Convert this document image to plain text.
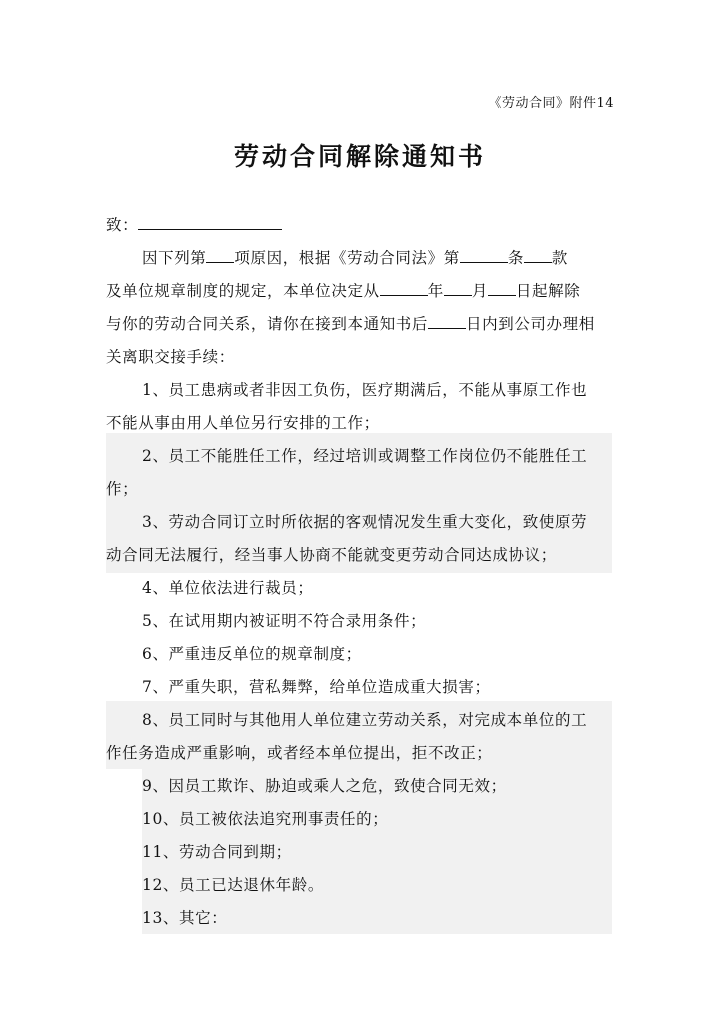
《劳动合同》附件14
劳动合同解除通知书
致：
因下列第 项原因，根据《劳动合同法》第	条 款
及单位规章制度的规定，本单位决定从	年 月 日起解除
与你的劳动合同关系，请你在接到本通知书后 日内到公司办理相
关离职交接手续：
1、员工患病或者非因工负伤，医疗期满后，不能从事原工作也
不能从事由用人单位另行安排的工作；
2、员工不能胜任工作，经过培训或调整工作岗位仍不能胜任工
作；
3、劳动合同订立时所依据的客观情况发生重大变化，致使原劳
动合同无法履行，经当事人协商不能就变更劳动合同达成协议；
4、单位依法进行裁员；
5、在试用期内被证明不符合录用条件；
6、严重违反单位的规章制度；
7、严重失职，营私舞弊，给单位造成重大损害；
8、员工同时与其他用人单位建立劳动关系，对完成本单位的工
作任务造成严重影响，或者经本单位提出，拒不改正；
9、因员工欺诈、胁迫或乘人之危，致使合同无效；
10、员工被依法追究刑事责任的；
11、劳动合同到期；
12、员工已达退休年龄。
13、其它：
